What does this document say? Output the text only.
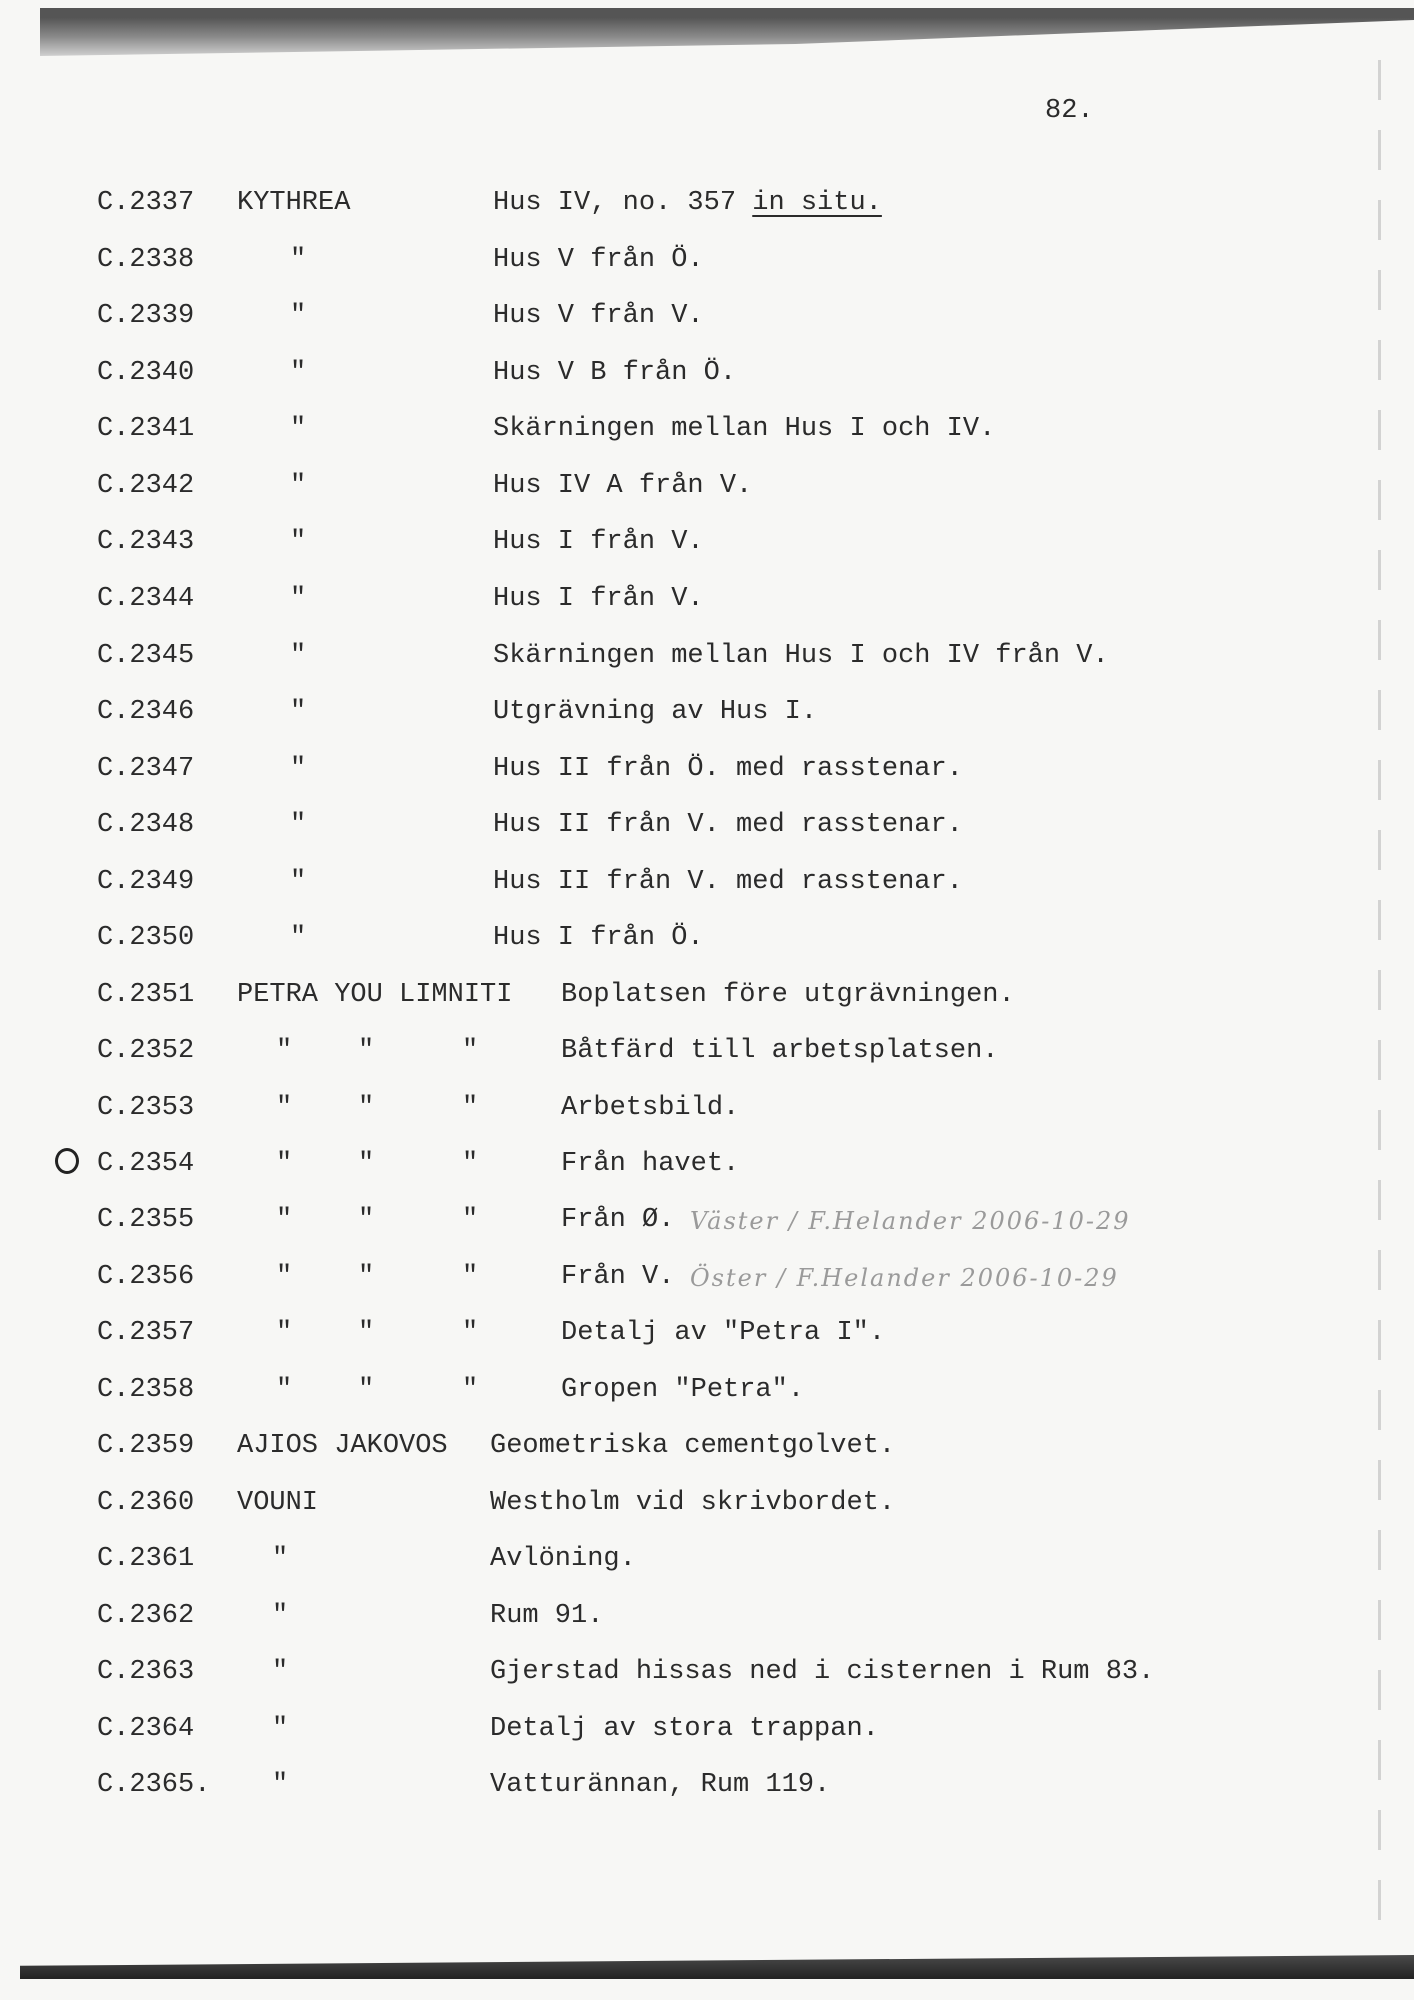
82.
C.2337 KYTHREA	Hus IV, no. 357 in situ.
C.2338	"	Hus V från Ö.
C.2339	"	Hus V från V.
C.2340	"	Hus V B från Ö.
C.2341	"	Skärningen mellan Hus I och IV.
C.2342	"	Hus IV A från V.
C.2343	"	Hus I från V.
C.2344	"	Hus I från V.
C.2345	"	Skärningen mellan Hus I och IV från V.
C.2346	"	Utgrävning av Hus I.
C.2347	"	Hus II från Ö. med rasstenar.
C.2348	"	Hus II från V. med rasstenar.
C.2349	"	Hus II från V. med rasstenar.
C.2350	"	Hus I från Ö.
C.2351 PETRA YOU LIMNITI Boplatsen före utgrävningen.
C.2352	" "	"	Båtfärd till arbetsplatsen.
C.2353	" "	"	Arbetsbild.
C.2354	" "	"	Från havet.
C.2355	" "	"	Från Ø. Väster / F.Helander 2006-10-29
C.2356	" "	"	Från V. Öster / F.Helander 2006-10-29
C.2357	" "	"	Detalj av "Petra I".
C.2358	" "	"	Gropen "Petra".
C.2359 AJIOS JAKOVOS Geometriska cementgolvet.
C.2360 VOUNI	Westholm vid skrivbordet.
C.2361	"	Avlöning.
C.2362	"	Rum 91.
C.2363	"	Gjerstad hissas ned i cisternen i Rum 83.
C.2364	"	Detalj av stora trappan.
C.2365. "	Vatturännan, Rum 119.
